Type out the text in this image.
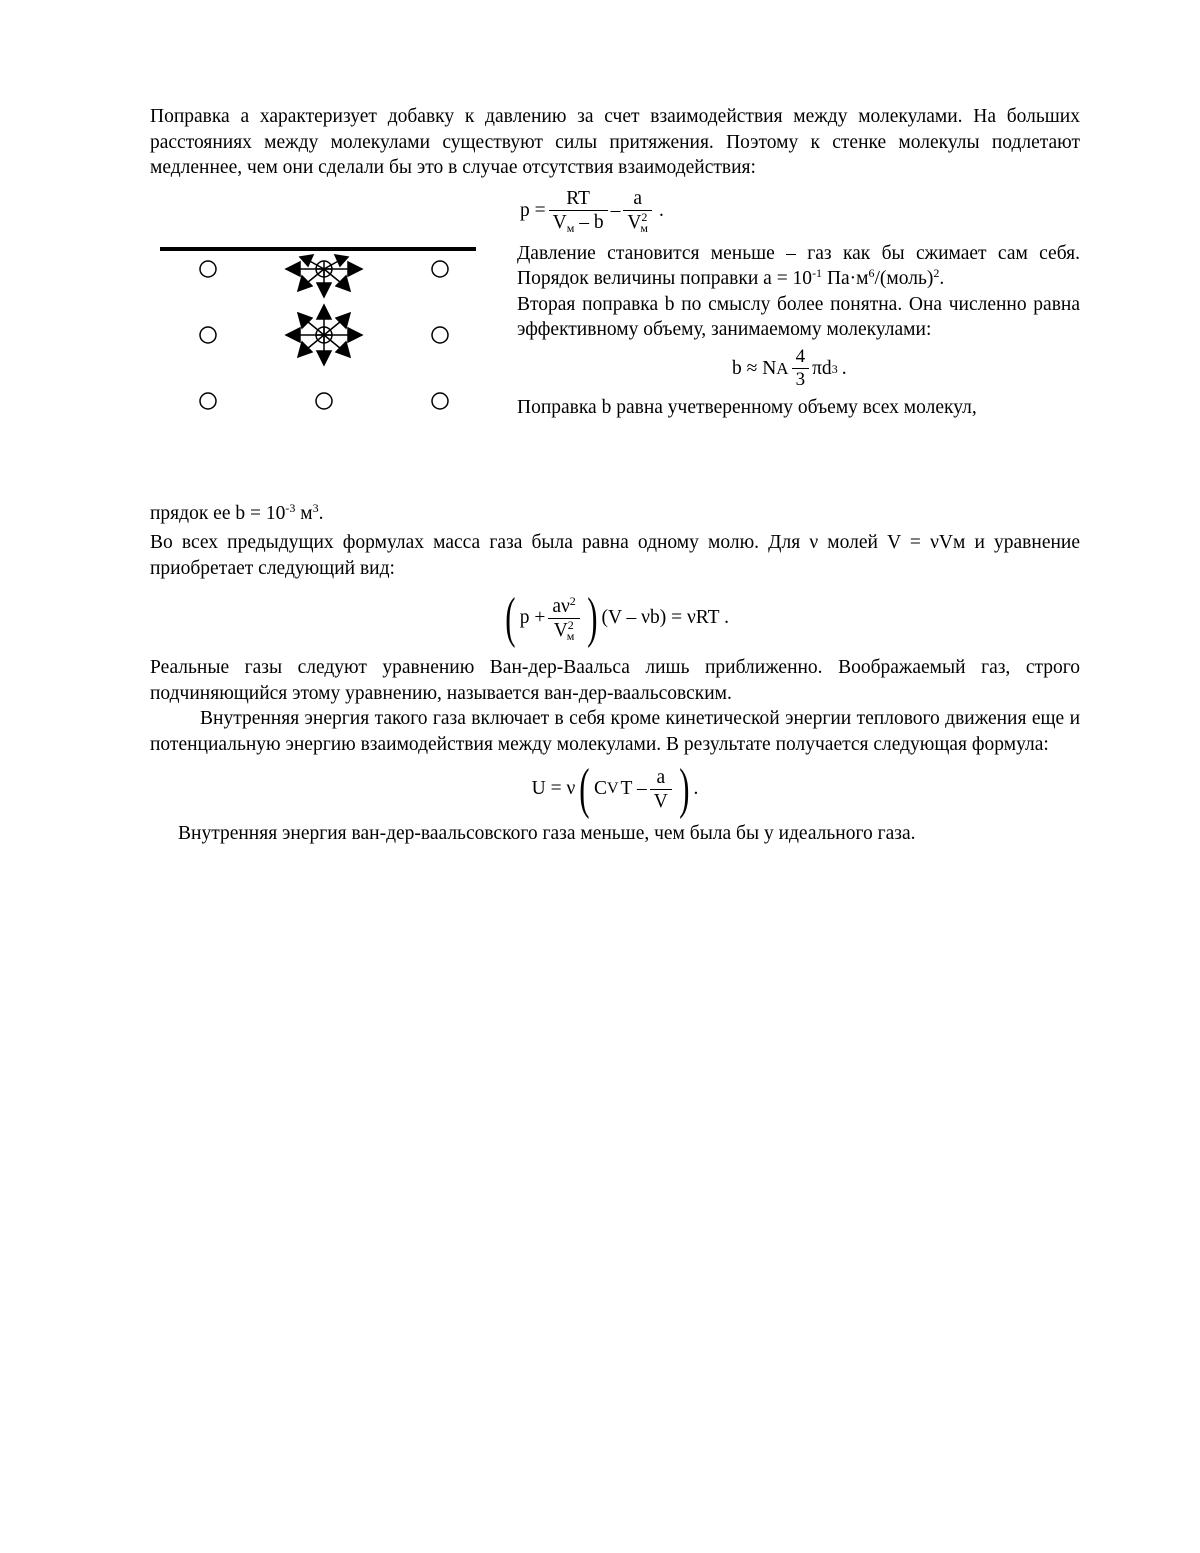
Поправка a характеризует добавку к давлению за счет взаимодействия между молекулами. На больших расстояниях между молекулами существуют силы притяжения. Поэтому к стенке молекулы подлетают медленнее, чем они сделали бы это в случае отсутствия взаимодействия:

$p = \frac{RT}{V_м - b} - \frac{a}{V^2_м}$ .

Давление становится меньше – газ как бы сжимает сам себя. Порядок величины поправки $a = 10^{-1}$ $Па\cdot м^6/(моль)^2$.

Вторая поправка b по смыслу более понятна. Она численно равна эффективному объему, занимаемому молекулами:

b ≈ N A $\frac{4}{3}$ πd 3 .

Поправка b равна учетверенному объему всех молекул,

прядок ее $b = 10^{-3}$ $м^3$.

Во всех предыдущих формулах масса газа была равна одному молю. Для ν молей V = νVм и уравнение приобретает следующий вид:

( $p + \frac{a\nu^2}{V^2_м}$ ) (V – νb) = νRT .

Реальные газы следуют уравнению Ван-дер-Ваальса лишь приближенно. Воображаемый газ, строго подчиняющийся этому уравнению, называется ван-дер-ваальсовским.

Внутренняя энергия такого газа включает в себя кроме кинетической энергии теплового движения еще и потенциальную энергию взаимодействия между молекулами. В результате получается следующая формула:

U = ν ( C V T – $\frac{a}{V}$ ) .

Внутренняя энергия ван-дер-ваальсовского газа меньше, чем была бы у идеального газа.
